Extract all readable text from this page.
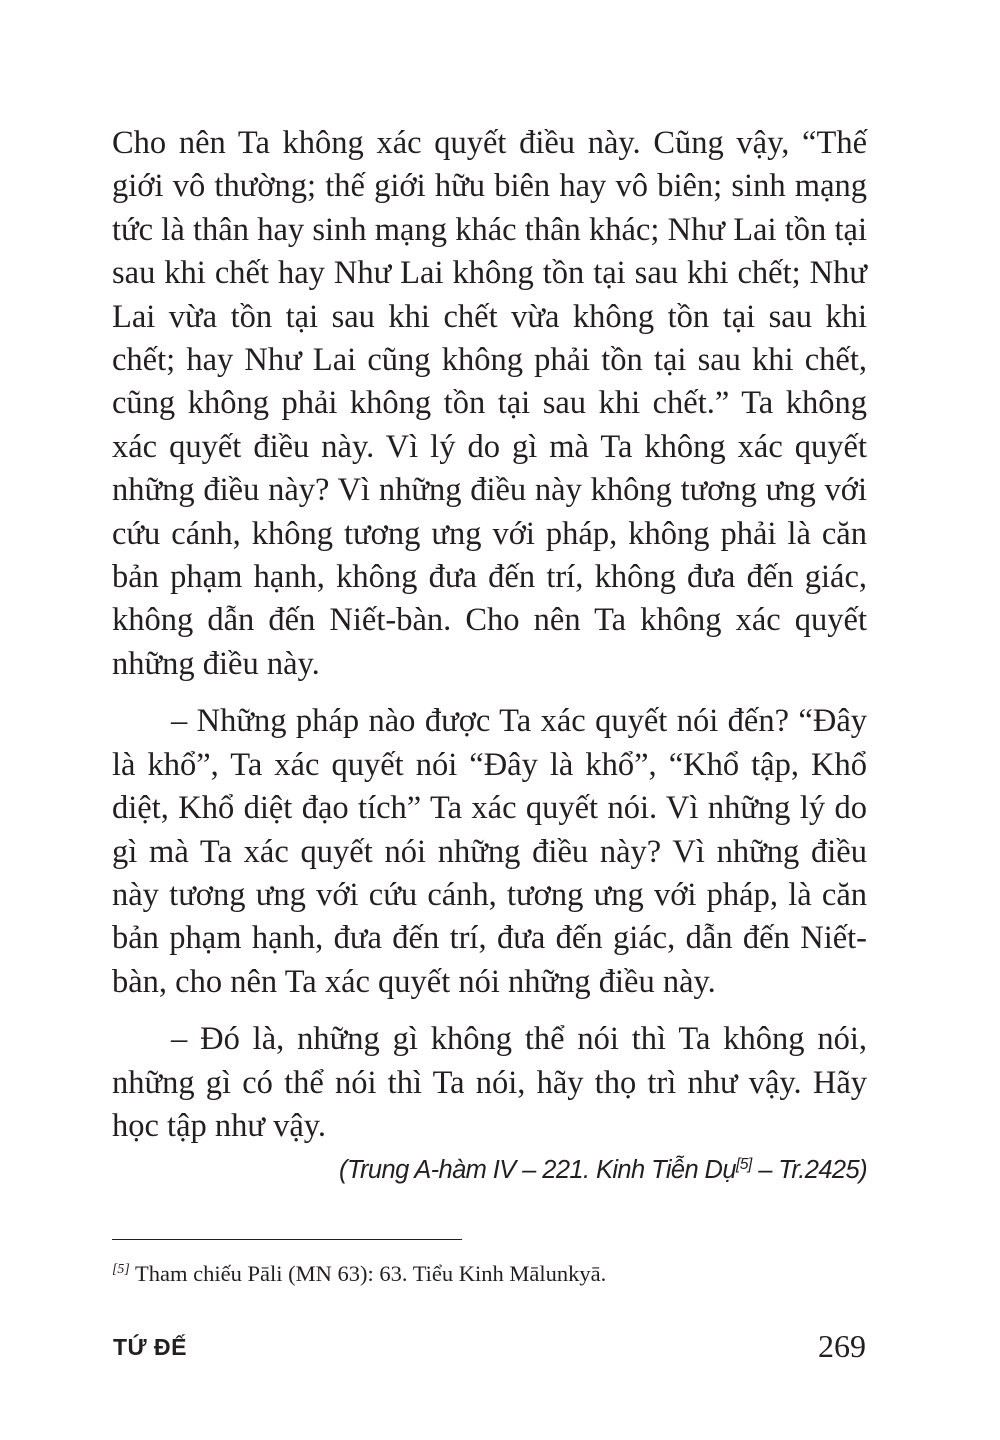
Cho nên Ta không xác quyết điều này. Cũng vậy, “Thế giới vô thường; thế giới hữu biên hay vô biên; sinh mạng tức là thân hay sinh mạng khác thân khác; Như Lai tồn tại sau khi chết hay Như Lai không tồn tại sau khi chết; Như Lai vừa tồn tại sau khi chết vừa không tồn tại sau khi chết; hay Như Lai cũng không phải tồn tại sau khi chết, cũng không phải không tồn tại sau khi chết.” Ta không xác quyết điều này. Vì lý do gì mà Ta không xác quyết những điều này? Vì những điều này không tương ưng với cứu cánh, không tương ưng với pháp, không phải là căn bản phạm hạnh, không đưa đến trí, không đưa đến giác, không dẫn đến Niết-bàn. Cho nên Ta không xác quyết những điều này.

– Những pháp nào được Ta xác quyết nói đến? “Đây là khổ”, Ta xác quyết nói “Đây là khổ”, “Khổ tập, Khổ diệt, Khổ diệt đạo tích” Ta xác quyết nói. Vì những lý do gì mà Ta xác quyết nói những điều này? Vì những điều này tương ưng với cứu cánh, tương ưng với pháp, là căn bản phạm hạnh, đưa đến trí, đưa đến giác, dẫn đến Niết-bàn, cho nên Ta xác quyết nói những điều này.

– Đó là, những gì không thể nói thì Ta không nói, những gì có thể nói thì Ta nói, hãy thọ trì như vậy. Hãy học tập như vậy.

(Trung A-hàm IV – 221. Kinh Tiễn Dụ[5] – Tr.2425)
[5] Tham chiếu Pāli (MN 63): 63. Tiểu Kinh Mālunkyā.
TỨ ĐẾ	269
